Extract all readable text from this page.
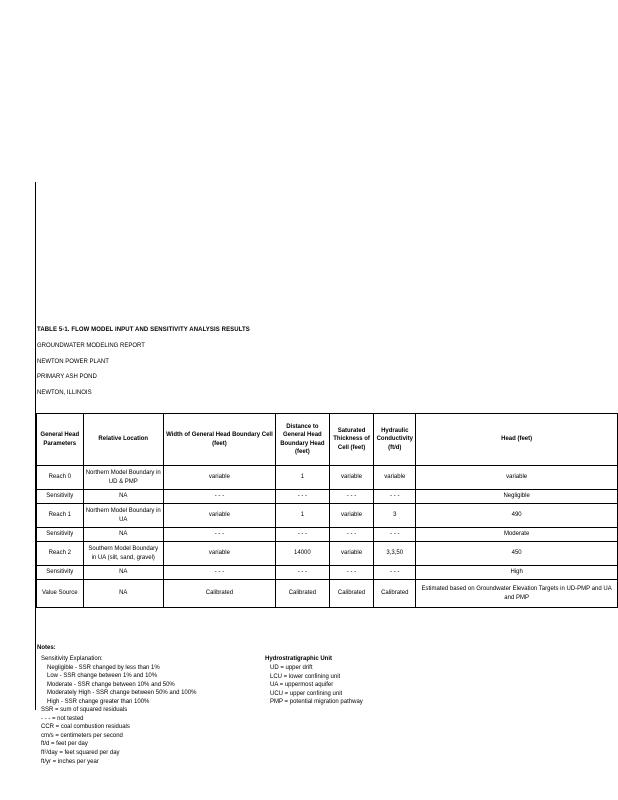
TABLE 5-1. FLOW MODEL INPUT AND SENSITIVITY ANALYSIS RESULTS
GROUNDWATER MODELING REPORT
NEWTON POWER PLANT
PRIMARY ASH POND
NEWTON, ILLINOIS
General Head Parameters	Relative Location	Width of General Head Boundary Cell (feet)	Distance to General Head Boundary Head (feet)	Saturated Thickness of Cell (feet)	Hydraulic Conductivity (ft/d)	Head (feet)
Reach 0	Northern Model Boundary in UD & PMP	variable	1	variable	variable	variable
Sensitivity	NA	- - -	- - -	- - -	- - -	Negligible
Reach 1	Northern Model Boundary in UA	variable	1	variable	3	490
Sensitivity	NA	- - -	- - -	- - -	- - -	Moderate
Reach 2	Southern Model Boundary in UA (silt, sand, gravel)	variable	14000	variable	3,3,50	450
Sensitivity	NA	- - -	- - -	- - -	- - -	High
Value Source	NA	Calibrated	Calibrated	Calibrated	Calibrated	Estimated based on Groundwater Elevation Targets in UD-PMP and UA and PMP
Notes:
Sensitivity Explanation:
Negligible - SSR changed by less than 1%
Low - SSR change between 1% and 10%
Moderate - SSR change between 10% and 50%
Moderately High - SSR change between 50% and 100%
High - SSR change greater than 100%
SSR = sum of squared residuals
- - - = not tested
CCR = coal combustion residuals
cm/s = centimeters per second
ft/d = feet per day
ft²/day = feet squared per day
ft/yr = inches per year
Hydrostratigraphic Unit
UD = upper drift
LCU = lower confining unit
UA = uppermost aquifer
UCU = upper confining unit
PMP = potential migration pathway
